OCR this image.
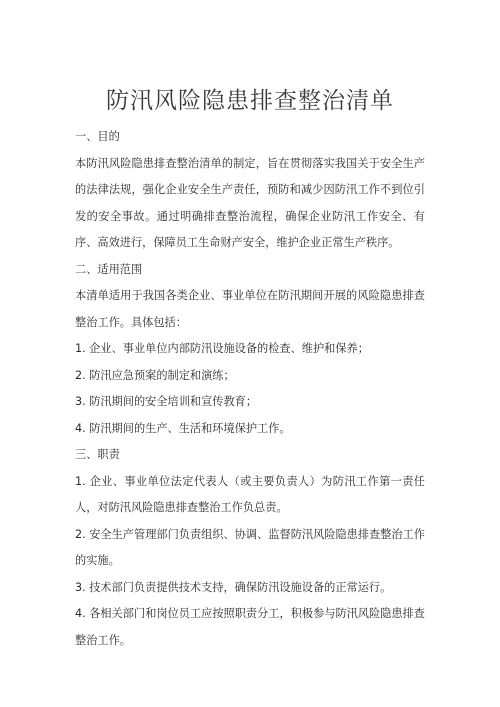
防汛风险隐患排查整治清单

一、目的

本防汛风险隐患排查整治清单的制定，旨在贯彻落实我国关于安全生产的法律法规，强化企业安全生产责任，预防和减少因防汛工作不到位引发的安全事故。通过明确排查整治流程，确保企业防汛工作安全、有序、高效进行，保障员工生命财产安全，维护企业正常生产秩序。

二、适用范围

本清单适用于我国各类企业、事业单位在防汛期间开展的风险隐患排查整治工作。具体包括：

1. 企业、事业单位内部防汛设施设备的检查、维护和保养；

2. 防汛应急预案的制定和演练；

3. 防汛期间的安全培训和宣传教育；

4. 防汛期间的生产、生活和环境保护工作。

三、职责

1. 企业、事业单位法定代表人（或主要负责人）为防汛工作第一责任人，对防汛风险隐患排查整治工作负总责。

2. 安全生产管理部门负责组织、协调、监督防汛风险隐患排查整治工作的实施。

3. 技术部门负责提供技术支持，确保防汛设施设备的正常运行。

4. 各相关部门和岗位员工应按照职责分工，积极参与防汛风险隐患排查整治工作。
